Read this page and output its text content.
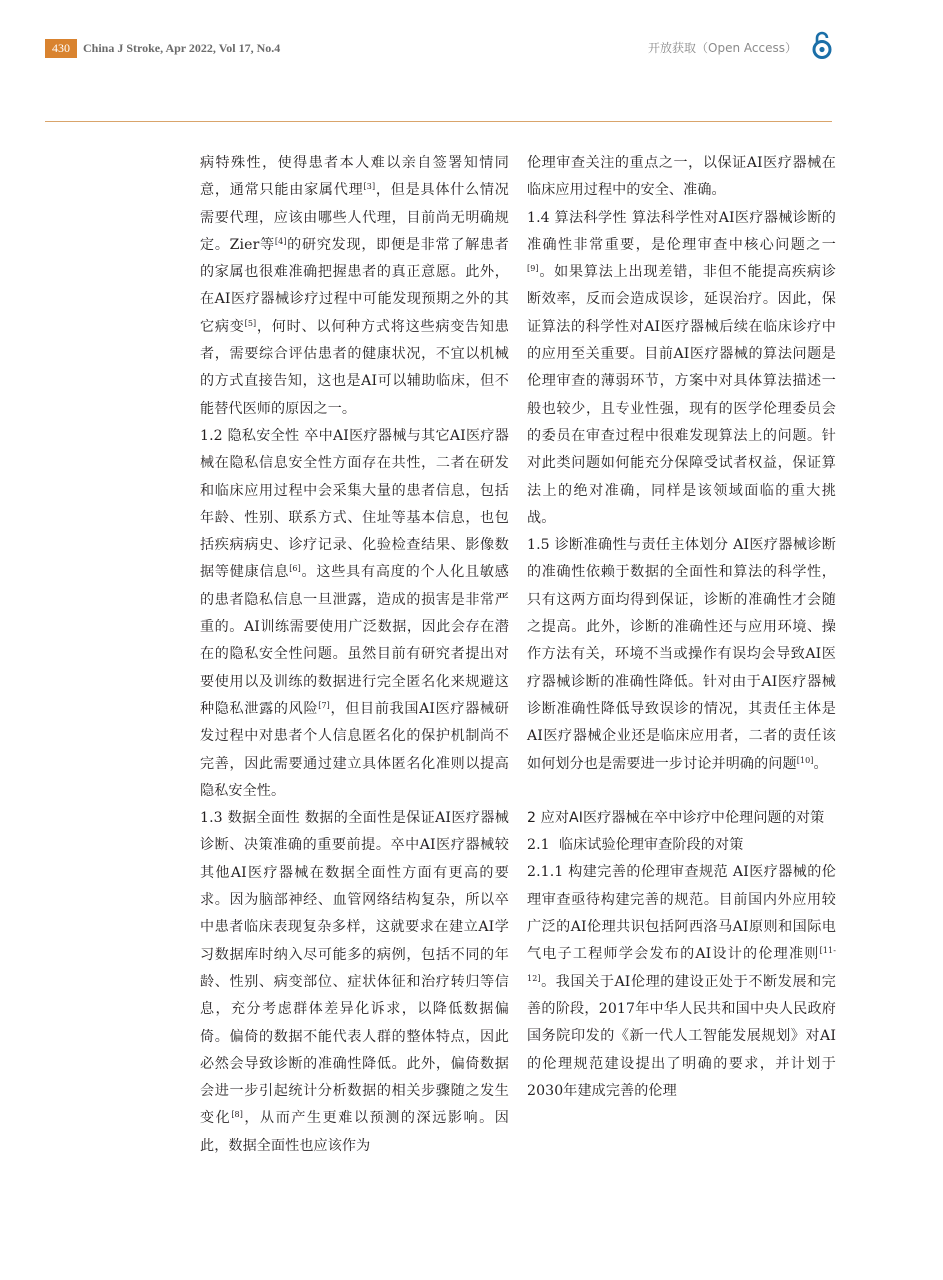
430	China J Stroke, Apr 2022, Vol 17, No.4	开放获取（Open Access）

病特殊性，使得患者本人难以亲自签署知情同意，通常只能由家属代理[3]，但是具体什么情况需要代理，应该由哪些人代理，目前尚无明确规定。Zier等[4]的研究发现，即便是非常了解患者的家属也很难准确把握患者的真正意愿。此外，在AI医疗器械诊疗过程中可能发现预期之外的其它病变[5]，何时、以何种方式将这些病变告知患者，需要综合评估患者的健康状况，不宜以机械的方式直接告知，这也是AI可以辅助临床，但不能替代医师的原因之一。

1.2 隐私安全性 卒中AI医疗器械与其它AI医疗器械在隐私信息安全性方面存在共性，二者在研发和临床应用过程中会采集大量的患者信息，包括年龄、性别、联系方式、住址等基本信息，也包括疾病病史、诊疗记录、化验检查结果、影像数据等健康信息[6]。这些具有高度的个人化且敏感的患者隐私信息一旦泄露，造成的损害是非常严重的。AI训练需要使用广泛数据，因此会存在潜在的隐私安全性问题。虽然目前有研究者提出对要使用以及训练的数据进行完全匿名化来规避这种隐私泄露的风险[7]，但目前我国AI医疗器械研发过程中对患者个人信息匿名化的保护机制尚不完善，因此需要通过建立具体匿名化准则以提高隐私安全性。

1.3 数据全面性 数据的全面性是保证AI医疗器械诊断、决策准确的重要前提。卒中AI医疗器械较其他AI医疗器械在数据全面性方面有更高的要求。因为脑部神经、血管网络结构复杂，所以卒中患者临床表现复杂多样，这就要求在建立AI学习数据库时纳入尽可能多的病例，包括不同的年龄、性别、病变部位、症状体征和治疗转归等信息，充分考虑群体差异化诉求，以降低数据偏倚。偏倚的数据不能代表人群的整体特点，因此必然会导致诊断的准确性降低。此外，偏倚数据会进一步引起统计分析数据的相关步骤随之发生变化[8]，从而产生更难以预测的深远影响。因此，数据全面性也应该作为

伦理审查关注的重点之一，以保证AI医疗器械在临床应用过程中的安全、准确。

1.4 算法科学性 算法科学性对AI医疗器械诊断的准确性非常重要，是伦理审查中核心问题之一[9]。如果算法上出现差错，非但不能提高疾病诊断效率，反而会造成误诊，延误治疗。因此，保证算法的科学性对AI医疗器械后续在临床诊疗中的应用至关重要。目前AI医疗器械的算法问题是伦理审查的薄弱环节，方案中对具体算法描述一般也较少，且专业性强，现有的医学伦理委员会的委员在审查过程中很难发现算法上的问题。针对此类问题如何能充分保障受试者权益，保证算法上的绝对准确，同样是该领域面临的重大挑战。

1.5 诊断准确性与责任主体划分 AI医疗器械诊断的准确性依赖于数据的全面性和算法的科学性，只有这两方面均得到保证，诊断的准确性才会随之提高。此外，诊断的准确性还与应用环境、操作方法有关，环境不当或操作有误均会导致AI医疗器械诊断的准确性降低。针对由于AI医疗器械诊断准确性降低导致误诊的情况，其责任主体是AI医疗器械企业还是临床应用者，二者的责任该如何划分也是需要进一步讨论并明确的问题[10]。

2 应对AI医疗器械在卒中诊疗中伦理问题的对策

2.1  临床试验伦理审查阶段的对策

2.1.1 构建完善的伦理审查规范 AI医疗器械的伦理审查亟待构建完善的规范。目前国内外应用较广泛的AI伦理共识包括阿西洛马AI原则和国际电气电子工程师学会发布的AI设计的伦理准则[11-12]。我国关于AI伦理的建设正处于不断发展和完善的阶段，2017年中华人民共和国中央人民政府国务院印发的《新一代人工智能发展规划》对AI的伦理规范建设提出了明确的要求，并计划于2030年建成完善的伦理
